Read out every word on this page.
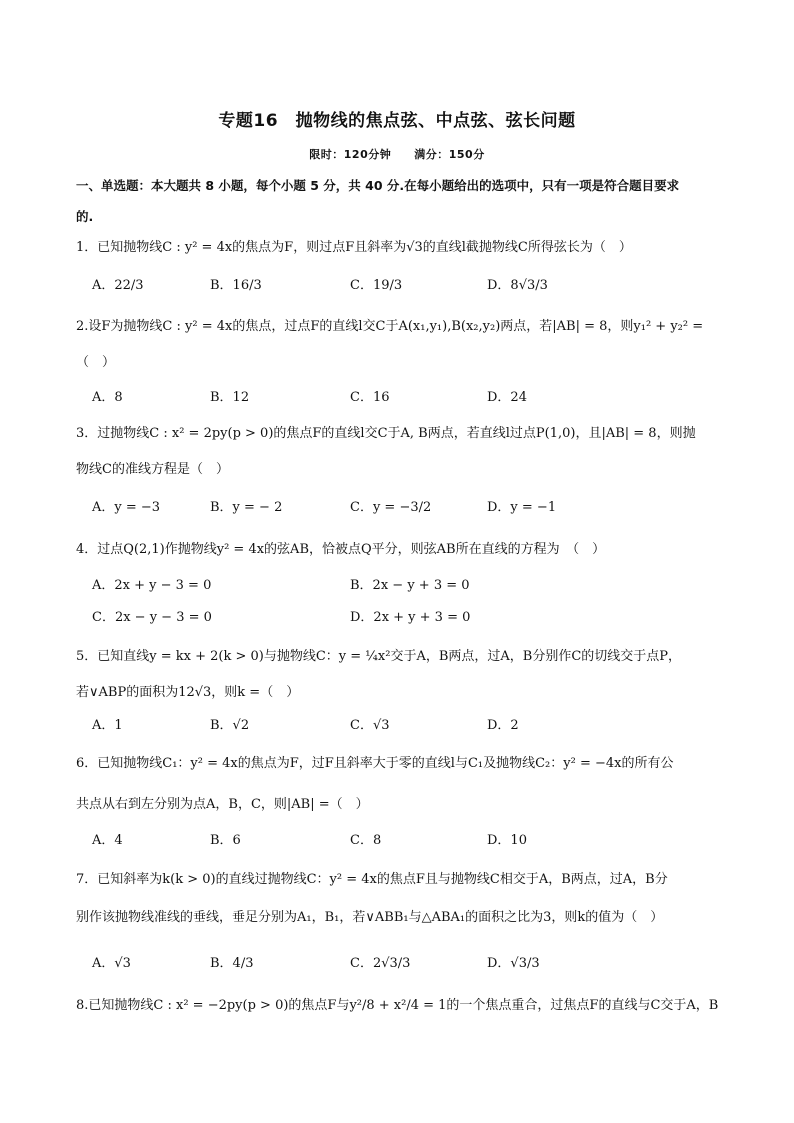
专题16　抛物线的焦点弦、中点弦、弦长问题
限时：120分钟　　满分：150分
一、单选题：本大题共 8 小题，每个小题 5 分，共 40 分.在每小题给出的选项中，只有一项是符合题目要求
的.
1．已知抛物线C : y² = 4x的焦点为F，则过点F且斜率为√3的直线l截抛物线C所得弦长为（　）
A．22/3	B．16/3	C．19/3	D．8√3/3
2.设F为抛物线C : y² = 4x的焦点，过点F的直线l交C于A(x₁,y₁),B(x₂,y₂)两点，若|AB| = 8，则y₁² + y₂² =
（　）
A．8	B．12	C．16	D．24
3．过抛物线C : x² = 2py(p > 0)的焦点F的直线l交C于A, B两点，若直线l过点P(1,0)，且|AB| = 8，则抛
物线C的准线方程是（　）
A．y = −3	B．y = − 2	C．y = −3/2	D．y = −1
4．过点Q(2,1)作抛物线y² = 4x的弦AB，恰被点Q平分，则弦AB所在直线的方程为　（　）
A．2x + y − 3 = 0	B．2x − y + 3 = 0
C．2x − y − 3 = 0	D．2x + y + 3 = 0
5．已知直线y = kx + 2(k > 0)与抛物线C：y = ¼x²交于A，B两点，过A，B分别作C的切线交于点P，
若∨ABP的面积为12√3，则k =（　）
A．1	B．√2	C．√3	D．2
6．已知抛物线C₁：y² = 4x的焦点为F，过F且斜率大于零的直线l与C₁及抛物线C₂：y² = −4x的所有公
共点从右到左分别为点A，B，C，则|AB| =（　）
A．4	B．6	C．8	D．10
7．已知斜率为k(k > 0)的直线过抛物线C：y² = 4x的焦点F且与抛物线C相交于A，B两点，过A，B分
别作该抛物线准线的垂线，垂足分别为A₁，B₁，若∨ABB₁与△ABA₁的面积之比为3，则k的值为（　）
A．√3	B．4/3	C．2√3/3	D．√3/3
8.已知抛物线C : x² = −2py(p > 0)的焦点F与y²/8 + x²/4 = 1的一个焦点重合，过焦点F的直线与C交于A，B
